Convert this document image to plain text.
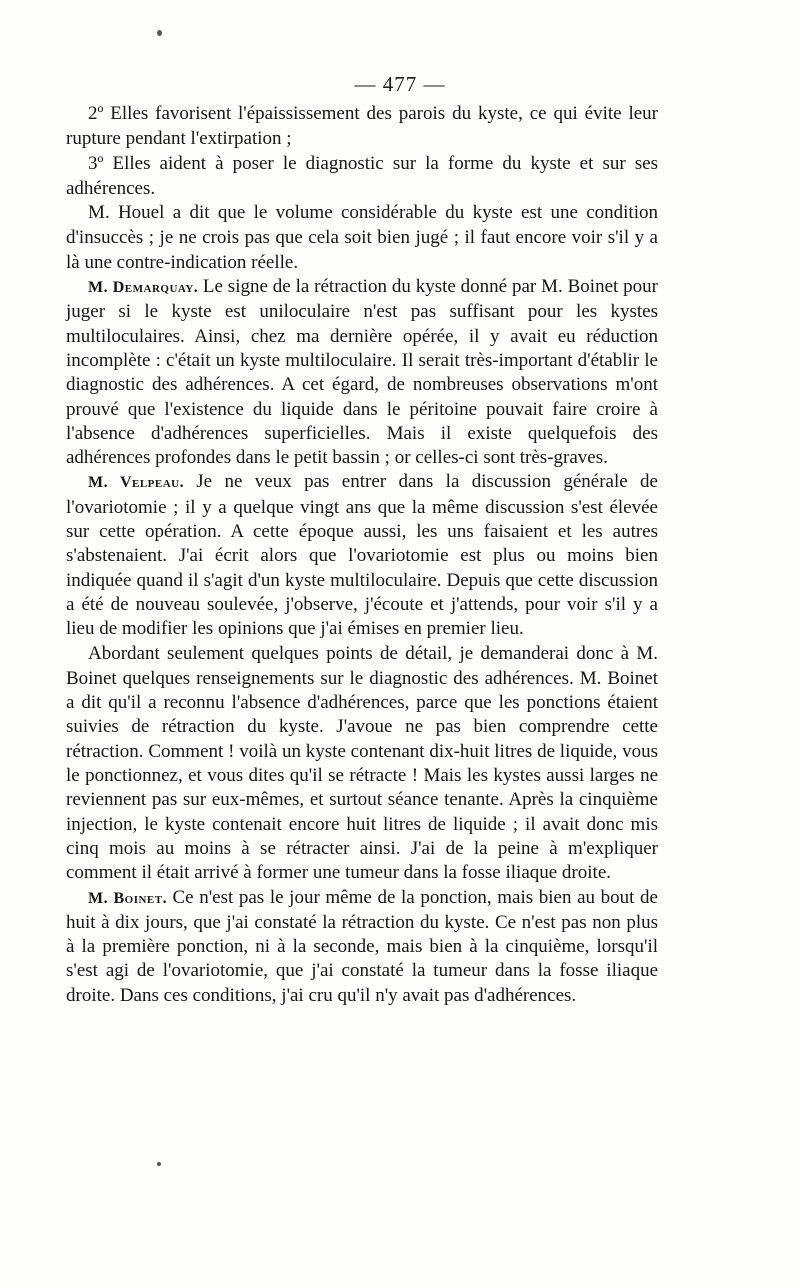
— 477 —

2º Elles favorisent l'épaississement des parois du kyste, ce qui évite leur rupture pendant l'extirpation ;

3º Elles aident à poser le diagnostic sur la forme du kyste et sur ses adhérences.

M. Houel a dit que le volume considérable du kyste est une condition d'insuccès ; je ne crois pas que cela soit bien jugé ; il faut encore voir s'il y a là une contre-indication réelle.

M. Demarquay. Le signe de la rétraction du kyste donné par M. Boinet pour juger si le kyste est uniloculaire n'est pas suffisant pour les kystes multiloculaires. Ainsi, chez ma dernière opérée, il y avait eu réduction incomplète : c'était un kyste multiloculaire. Il serait très-important d'établir le diagnostic des adhérences. A cet égard, de nombreuses observations m'ont prouvé que l'existence du liquide dans le péritoine pouvait faire croire à l'absence d'adhérences superficielles. Mais il existe quelquefois des adhérences profondes dans le petit bassin ; or celles-ci sont très-graves.

M. Velpeau. Je ne veux pas entrer dans la discussion générale de l'ovariotomie ; il y a quelque vingt ans que la même discussion s'est élevée sur cette opération. A cette époque aussi, les uns faisaient et les autres s'abstenaient. J'ai écrit alors que l'ovariotomie est plus ou moins bien indiquée quand il s'agit d'un kyste multiloculaire. Depuis que cette discussion a été de nouveau soulevée, j'observe, j'écoute et j'attends, pour voir s'il y a lieu de modifier les opinions que j'ai émises en premier lieu.

Abordant seulement quelques points de détail, je demanderai donc à M. Boinet quelques renseignements sur le diagnostic des adhérences. M. Boinet a dit qu'il a reconnu l'absence d'adhérences, parce que les ponctions étaient suivies de rétraction du kyste. J'avoue ne pas bien comprendre cette rétraction. Comment ! voilà un kyste contenant dix-huit litres de liquide, vous le ponctionnez, et vous dites qu'il se rétracte ! Mais les kystes aussi larges ne reviennent pas sur eux-mêmes, et surtout séance tenante. Après la cinquième injection, le kyste contenait encore huit litres de liquide ; il avait donc mis cinq mois au moins à se rétracter ainsi. J'ai de la peine à m'expliquer comment il était arrivé à former une tumeur dans la fosse iliaque droite.

M. Boinet. Ce n'est pas le jour même de la ponction, mais bien au bout de huit à dix jours, que j'ai constaté la rétraction du kyste. Ce n'est pas non plus à la première ponction, ni à la seconde, mais bien à la cinquième, lorsqu'il s'est agi de l'ovariotomie, que j'ai constaté la tumeur dans la fosse iliaque droite. Dans ces conditions, j'ai cru qu'il n'y avait pas d'adhérences.
